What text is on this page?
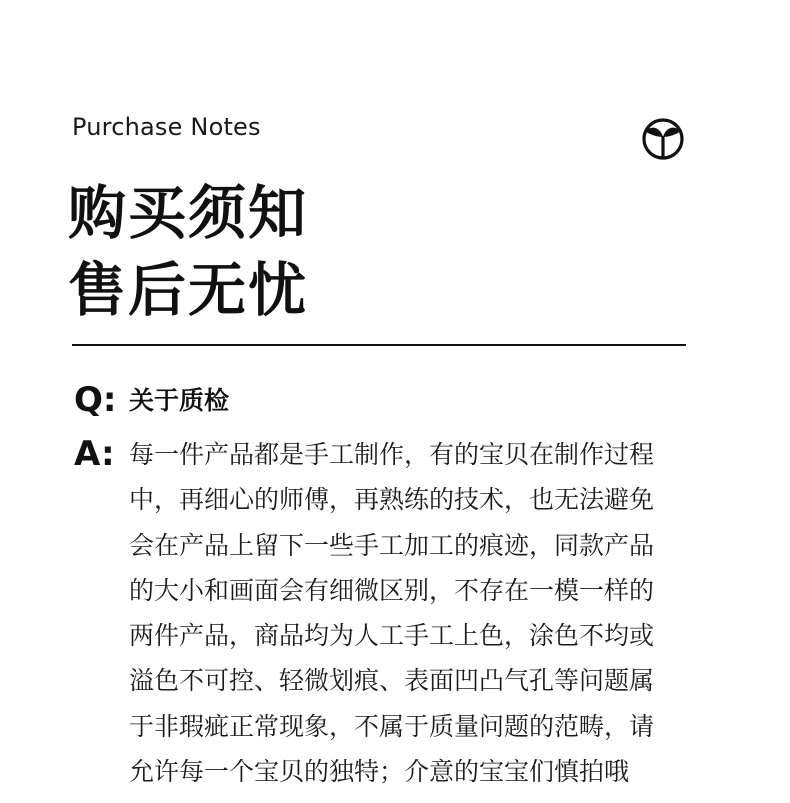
Purchase Notes
购买须知
售后无忧
Q: 关于质检
A: 每一件产品都是手工制作，有的宝贝在制作过程
中，再细心的师傅，再熟练的技术，也无法避免
会在产品上留下一些手工加工的痕迹，同款产品
的大小和画面会有细微区别，不存在一模一样的
两件产品，商品均为人工手工上色，涂色不均或
溢色不可控、轻微划痕、表面凹凸气孔等问题属
于非瑕疵正常现象，不属于质量问题的范畴，请
允许每一个宝贝的独特；介意的宝宝们慎拍哦
